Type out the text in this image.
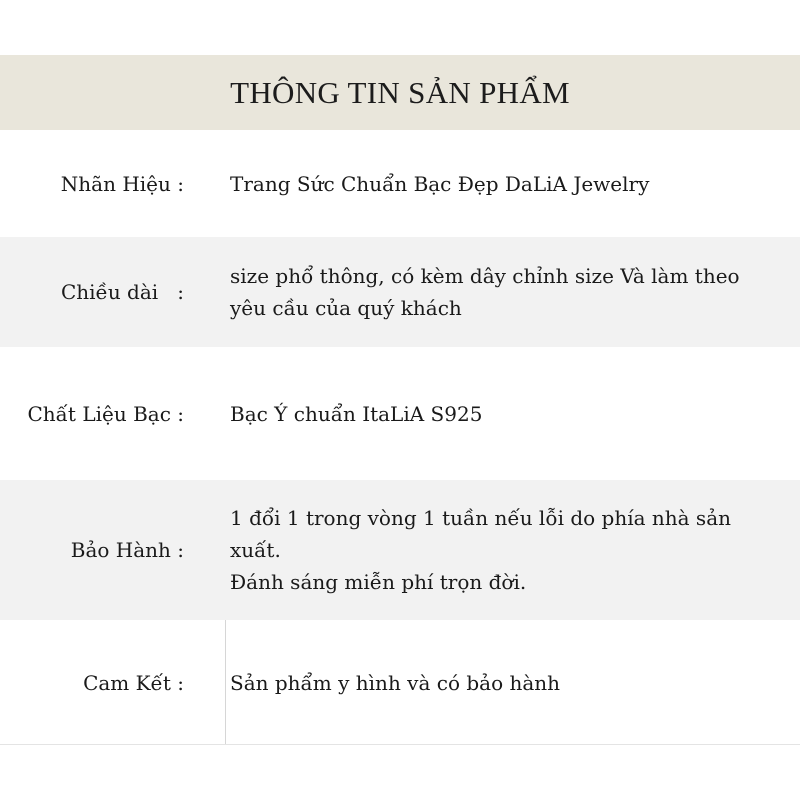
THÔNG TIN SẢN PHẨM
Nhãn Hiệu : Trang Sức Chuẩn Bạc Đẹp DaLiA Jewelry
Chiều dài   :
size phổ thông, có kèm dây chỉnh size Và làm theo
yêu cầu của quý khách
Chất Liệu Bạc : Bạc Ý chuẩn ItaLiA S925
Bảo Hành :
1 đổi 1 trong vòng 1 tuần nếu lỗi do phía nhà sản
xuất.
Đánh sáng miễn phí trọn đời.
Cam Kết : Sản phẩm y hình và có bảo hành
